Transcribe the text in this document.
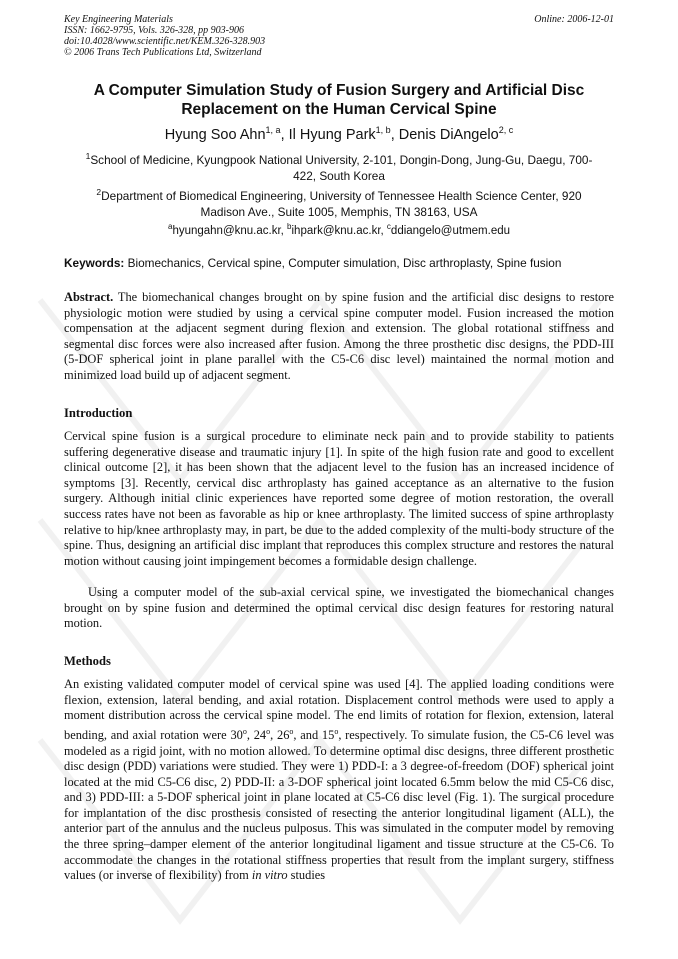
Key Engineering Materials
ISSN: 1662-9795, Vols. 326-328, pp 903-906
doi:10.4028/www.scientific.net/KEM.326-328.903
© 2006 Trans Tech Publications Ltd, Switzerland
Online: 2006-12-01
A Computer Simulation Study of Fusion Surgery and Artificial Disc
Replacement on the Human Cervical Spine
Hyung Soo Ahn$^{1, a}$, Il Hyung Park$^{1, b}$, Denis DiAngelo$^{2, c}$
$^1$School of Medicine, Kyungpook National University, 2-101, Dongin-Dong, Jung-Gu, Daegu, 700-
422, South Korea
$^2$Department of Biomedical Engineering, University of Tennessee Health Science Center, 920
Madison Ave., Suite 1005, Memphis, TN 38163, USA
$^a$hyungahn@knu.ac.kr, $^b$ihpark@knu.ac.kr, $^c$ddiangelo@utmem.edu
Keywords: Biomechanics, Cervical spine, Computer simulation, Disc arthroplasty, Spine fusion

Abstract. The biomechanical changes brought on by spine fusion and the artificial disc designs to restore physiologic motion were studied by using a cervical spine computer model. Fusion increased the motion compensation at the adjacent segment during flexion and extension. The global rotational stiffness and segmental disc forces were also increased after fusion. Among the three prosthetic disc designs, the PDD-III (5-DOF spherical joint in plane parallel with the C5-C6 disc level) maintained the normal motion and minimized load build up of adjacent segment.

Introduction

Cervical spine fusion is a surgical procedure to eliminate neck pain and to provide stability to patients suffering degenerative disease and traumatic injury [1]. In spite of the high fusion rate and good to excellent clinical outcome [2], it has been shown that the adjacent level to the fusion has an increased incidence of symptoms [3]. Recently, cervical disc arthroplasty has gained acceptance as an alternative to the fusion surgery. Although initial clinic experiences have reported some degree of motion restoration, the overall success rates have not been as favorable as hip or knee arthroplasty. The limited success of spine arthroplasty relative to hip/knee arthroplasty may, in part, be due to the added complexity of the multi-body structure of the spine. Thus, designing an artificial disc implant that reproduces this complex structure and restores the natural motion without causing joint impingement becomes a formidable design challenge.

Using a computer model of the sub-axial cervical spine, we investigated the biomechanical changes brought on by spine fusion and determined the optimal cervical disc design features for restoring natural motion.

Methods

An existing validated computer model of cervical spine was used [4]. The applied loading conditions were flexion, extension, lateral bending, and axial rotation. Displacement control methods were used to apply a moment distribution across the cervical spine model. The end limits of rotation for flexion, extension, lateral bending, and axial rotation were 30$^o$, 24$^o$, 26$^o$, and 15$^o$, respectively. To simulate fusion, the C5-C6 level was modeled as a rigid joint, with no motion allowed. To determine optimal disc designs, three different prosthetic disc design (PDD) variations were studied. They were 1) PDD-I: a 3 degree-of-freedom (DOF) spherical joint located at the mid C5-C6 disc, 2) PDD-II: a 3-DOF spherical joint located 6.5mm below the mid C5-C6 disc, and 3) PDD-III: a 5-DOF spherical joint in plane located at C5-C6 disc level (Fig. 1). The surgical procedure for implantation of the disc prosthesis consisted of resecting the anterior longitudinal ligament (ALL), the anterior part of the annulus and the nucleus pulposus. This was simulated in the computer model by removing the three spring–damper element of the anterior longitudinal ligament and tissue structure at the C5-C6. To accommodate the changes in the rotational stiffness properties that result from the implant surgery, stiffness values (or inverse of flexibility) from in vitro studies
